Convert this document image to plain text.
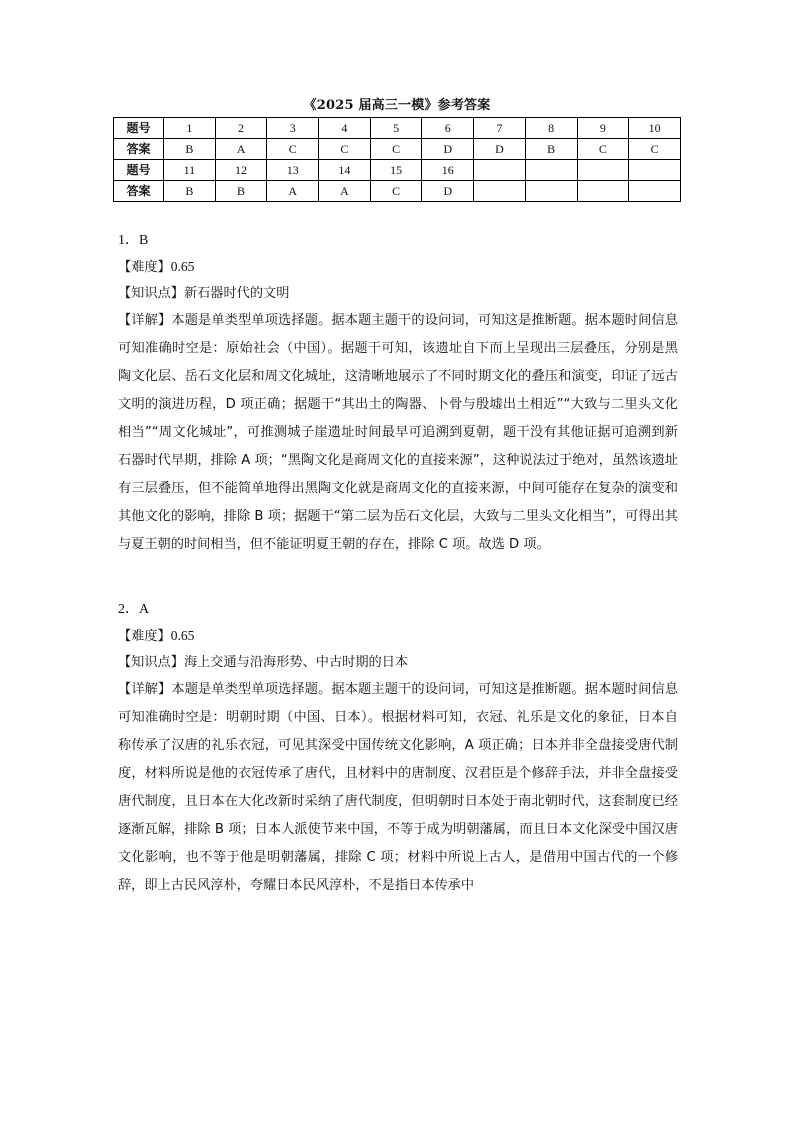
《2025 届高三一模》参考答案
题号	1	2	3	4	5	6	7	8	9	10
答案	B	A	C	C	C	D	D	B	C	C
题号	11	12	13	14	15	16				
答案	B	B	A	A	C	D				

1．B

【难度】0.65

【知识点】新石器时代的文明

【详解】本题是单类型单项选择题。据本题主题干的设问词，可知这是推断题。据本题时间信息可知准确时空是：原始社会（中国）。据题干可知，该遗址自下而上呈现出三层叠压，分别是黑陶文化层、岳石文化层和周文化城址，这清晰地展示了不同时期文化的叠压和演变，印证了远古文明的演进历程，D 项正确；据题干“其出土的陶器、卜骨与殷墟出土相近”“大致与二里头文化相当”“周文化城址”，可推测城子崖遗址时间最早可追溯到夏朝，题干没有其他证据可追溯到新石器时代早期，排除 A 项；“黑陶文化是商周文化的直接来源”，这种说法过于绝对，虽然该遗址有三层叠压，但不能简单地得出黑陶文化就是商周文化的直接来源，中间可能存在复杂的演变和其他文化的影响，排除 B 项；据题干“第二层为岳石文化层，大致与二里头文化相当”，可得出其与夏王朝的时间相当，但不能证明夏王朝的存在，排除 C 项。故选 D 项。

2．A

【难度】0.65

【知识点】海上交通与沿海形势、中古时期的日本

【详解】本题是单类型单项选择题。据本题主题干的设问词，可知这是推断题。据本题时间信息可知准确时空是：明朝时期（中国、日本）。根据材料可知，衣冠、礼乐是文化的象征，日本自称传承了汉唐的礼乐衣冠，可见其深受中国传统文化影响，A 项正确；日本并非全盘接受唐代制度，材料所说是他的衣冠传承了唐代，且材料中的唐制度、汉君臣是个修辞手法，并非全盘接受唐代制度，且日本在大化改新时采纳了唐代制度，但明朝时日本处于南北朝时代，这套制度已经逐渐瓦解，排除 B 项；日本人派使节来中国，不等于成为明朝藩属，而且日本文化深受中国汉唐文化影响，也不等于他是明朝藩属，排除 C 项；材料中所说上古人，是借用中国古代的一个修辞，即上古民风淳朴，夸耀日本民风淳朴，不是指日本传承中
